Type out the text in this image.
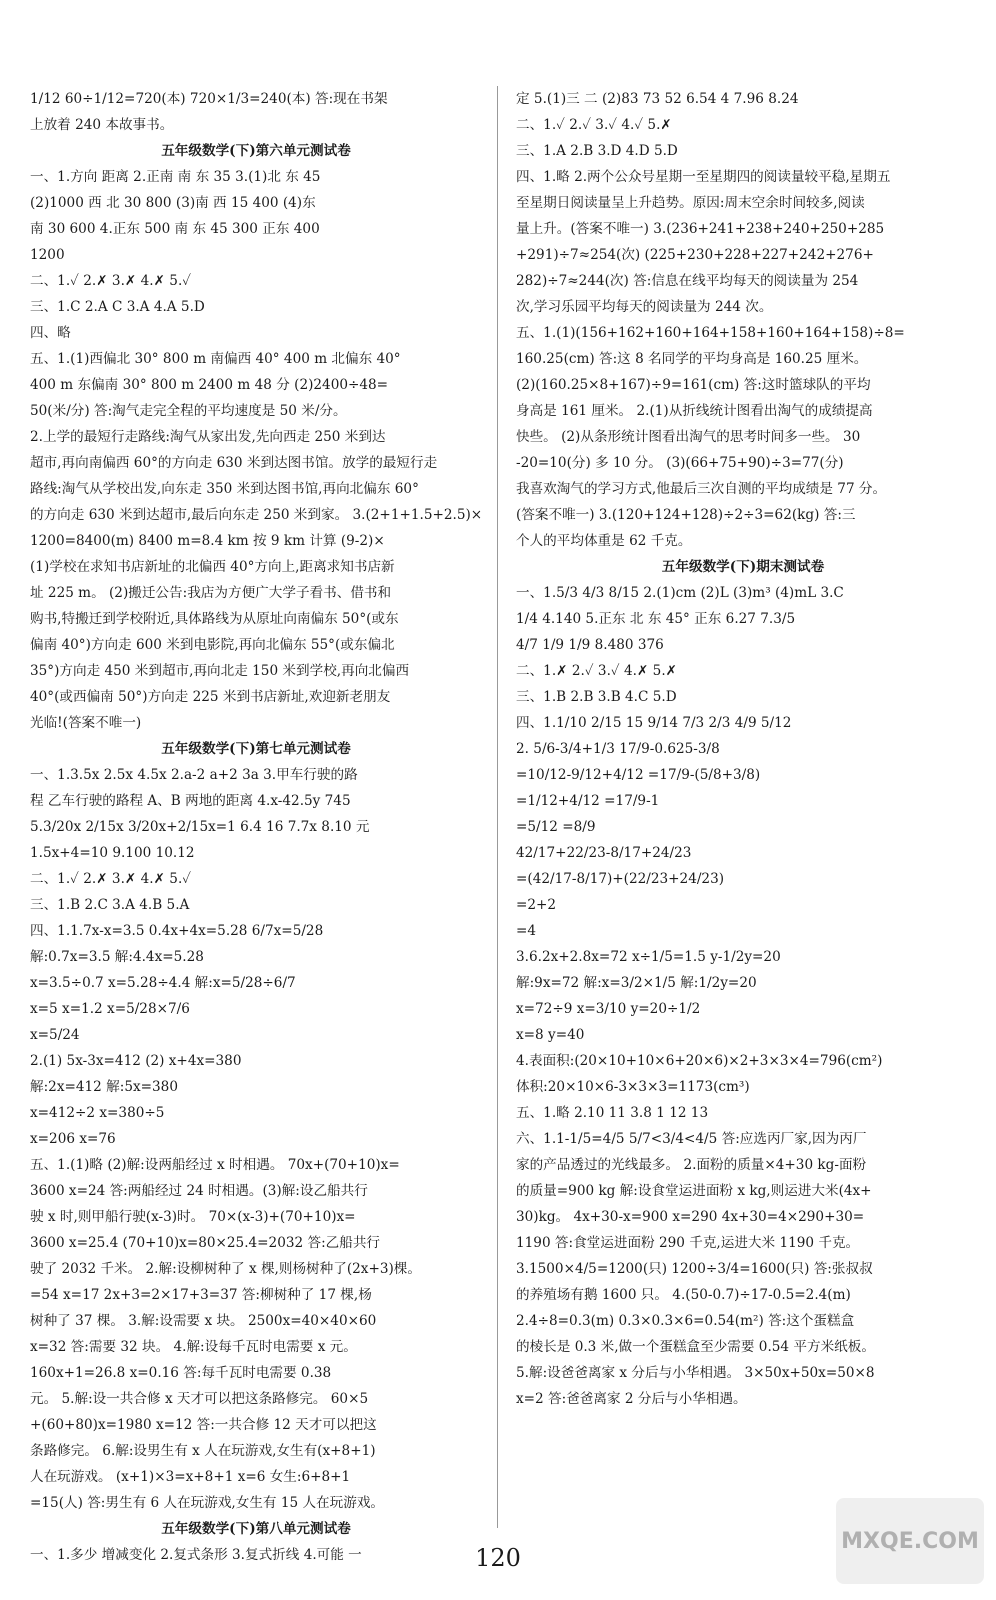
1/12 60÷1/12=720(本) 720×1/3=240(本) 答:现在书架
上放着 240 本故事书。
五年级数学(下)第六单元测试卷
一、1.方向 距离 2.正南 南 东 35 3.(1)北 东 45
(2)1000 西 北 30 800 (3)南 西 15 400 (4)东
南 30 600 4.正东 500 南 东 45 300 正东 400
1200
二、1.✓ 2.✗ 3.✗ 4.✗ 5.✓
三、1.C 2.A C 3.A 4.A 5.D
四、略
五、1.(1)西偏北 30° 800 m 南偏西 40° 400 m 北偏东 40°
400 m 东偏南 30° 800 m 2400 m 48 分 (2)2400÷48=
50(米/分) 答:淘气走完全程的平均速度是 50 米/分。
2.上学的最短行走路线:淘气从家出发,先向西走 250 米到达
超市,再向南偏西 60°的方向走 630 米到达图书馆。放学的最短行走
路线:淘气从学校出发,向东走 350 米到达图书馆,再向北偏东 60°
的方向走 630 米到达超市,最后向东走 250 米到家。 3.(2+1+1.5+2.5)×
1200=8400(m) 8400 m=8.4 km 按 9 km 计算 (9-2)×
(1)学校在求知书店新址的北偏西 40°方向上,距离求知书店新
址 225 m。 (2)搬迁公告:我店为方便广大学子看书、借书和
购书,特搬迁到学校附近,具体路线为从原址向南偏东 50°(或东
偏南 40°)方向走 600 米到电影院,再向北偏东 55°(或东偏北
35°)方向走 450 米到超市,再向北走 150 米到学校,再向北偏西
40°(或西偏南 50°)方向走 225 米到书店新址,欢迎新老朋友
光临!(答案不唯一)
五年级数学(下)第七单元测试卷
一、1.3.5x 2.5x 4.5x 2.a-2 a+2 3a 3.甲车行驶的路
程 乙车行驶的路程 A、B 两地的距离 4.x-42.5y 745
5.3/20x 2/15x 3/20x+2/15x=1 6.4 16 7.7x 8.10 元
1.5x+4=10 9.100 10.12
二、1.✓ 2.✗ 3.✗ 4.✗ 5.✓
三、1.B 2.C 3.A 4.B 5.A
四、1.1.7x-x=3.5 0.4x+4x=5.28 6/7x=5/28
解:0.7x=3.5 解:4.4x=5.28
x=3.5÷0.7 x=5.28÷4.4 解:x=5/28÷6/7
x=5 x=1.2 x=5/28×7/6
x=5/24
2.(1) 5x-3x=412 (2) x+4x=380
解:2x=412 解:5x=380
x=412÷2 x=380÷5
x=206 x=76
五、1.(1)略 (2)解:设两船经过 x 时相遇。 70x+(70+10)x=
3600 x=24 答:两船经过 24 时相遇。(3)解:设乙船共行
驶 x 时,则甲船行驶(x-3)时。 70×(x-3)+(70+10)x=
3600 x=25.4 (70+10)x=80×25.4=2032 答:乙船共行
驶了 2032 千米。 2.解:设柳树种了 x 棵,则杨树种了(2x+3)棵。
=54 x=17 2x+3=2×17+3=37 答:柳树种了 17 棵,杨
树种了 37 棵。 3.解:设需要 x 块。 2500x=40×40×60
x=32 答:需要 32 块。 4.解:设每千瓦时电需要 x 元。
160x+1=26.8 x=0.16 答:每千瓦时电需要 0.38
元。 5.解:设一共合修 x 天才可以把这条路修完。 60×5
+(60+80)x=1980 x=12 答:一共合修 12 天才可以把这
条路修完。 6.解:设男生有 x 人在玩游戏,女生有(x+8+1)
人在玩游戏。 (x+1)×3=x+8+1 x=6 女生:6+8+1
=15(人) 答:男生有 6 人在玩游戏,女生有 15 人在玩游戏。
五年级数学(下)第八单元测试卷
一、1.多少 增减变化 2.复式条形 3.复式折线 4.可能 一
定 5.(1)三 二 (2)83 73 52 6.54 4 7.96 8.24
二、1.✓ 2.✓ 3.✓ 4.✓ 5.✗
三、1.A 2.B 3.D 4.D 5.D
四、1.略 2.两个公众号星期一至星期四的阅读量较平稳,星期五
至星期日阅读量呈上升趋势。原因:周末空余时间较多,阅读
量上升。(答案不唯一) 3.(236+241+238+240+250+285
+291)÷7≈254(次) (225+230+228+227+242+276+
282)÷7≈244(次) 答:信息在线平均每天的阅读量为 254
次,学习乐园平均每天的阅读量为 244 次。
五、1.(1)(156+162+160+164+158+160+164+158)÷8=
160.25(cm) 答:这 8 名同学的平均身高是 160.25 厘米。
(2)(160.25×8+167)÷9=161(cm) 答:这时篮球队的平均
身高是 161 厘米。 2.(1)从折线统计图看出淘气的成绩提高
快些。 (2)从条形统计图看出淘气的思考时间多一些。 30
-20=10(分) 多 10 分。 (3)(66+75+90)÷3=77(分)
我喜欢淘气的学习方式,他最后三次自测的平均成绩是 77 分。
(答案不唯一) 3.(120+124+128)÷2÷3=62(kg) 答:三
个人的平均体重是 62 千克。
五年级数学(下)期末测试卷
一、1.5/3 4/3 8/15 2.(1)cm (2)L (3)m³ (4)mL 3.C
1/4 4.140 5.正东 北 东 45° 正东 6.27 7.3/5
4/7 1/9 1/9 8.480 376
二、1.✗ 2.✓ 3.✓ 4.✗ 5.✗
三、1.B 2.B 3.B 4.C 5.D
四、1.1/10 2/15 15 9/14 7/3 2/3 4/9 5/12
2. 5/6-3/4+1/3 17/9-0.625-3/8
=10/12-9/12+4/12 =17/9-(5/8+3/8)
=1/12+4/12 =17/9-1
=5/12 =8/9
42/17+22/23-8/17+24/23
=(42/17-8/17)+(22/23+24/23)
=2+2
=4
3.6.2x+2.8x=72 x÷1/5=1.5 y-1/2y=20
解:9x=72 解:x=3/2×1/5 解:1/2y=20
x=72÷9 x=3/10 y=20÷1/2
x=8 y=40
4.表面积:(20×10+10×6+20×6)×2+3×3×4=796(cm²)
体积:20×10×6-3×3×3=1173(cm³)
五、1.略 2.10 11 3.8 1 12 13
六、1.1-1/5=4/5 5/7<3/4<4/5 答:应选丙厂家,因为丙厂
家的产品透过的光线最多。 2.面粉的质量×4+30 kg-面粉
的质量=900 kg 解:设食堂运进面粉 x kg,则运进大米(4x+
30)kg。 4x+30-x=900 x=290 4x+30=4×290+30=
1190 答:食堂运进面粉 290 千克,运进大米 1190 千克。
3.1500×4/5=1200(只) 1200÷3/4=1600(只) 答:张叔叔
的养殖场有鹅 1600 只。 4.(50-0.7)÷17-0.5=2.4(m)
2.4÷8=0.3(m) 0.3×0.3×6=0.54(m²) 答:这个蛋糕盒
的棱长是 0.3 米,做一个蛋糕盒至少需要 0.54 平方米纸板。
5.解:设爸爸离家 x 分后与小华相遇。 3×50x+50x=50×8
x=2 答:爸爸离家 2 分后与小华相遇。
MXQE.COM
120
